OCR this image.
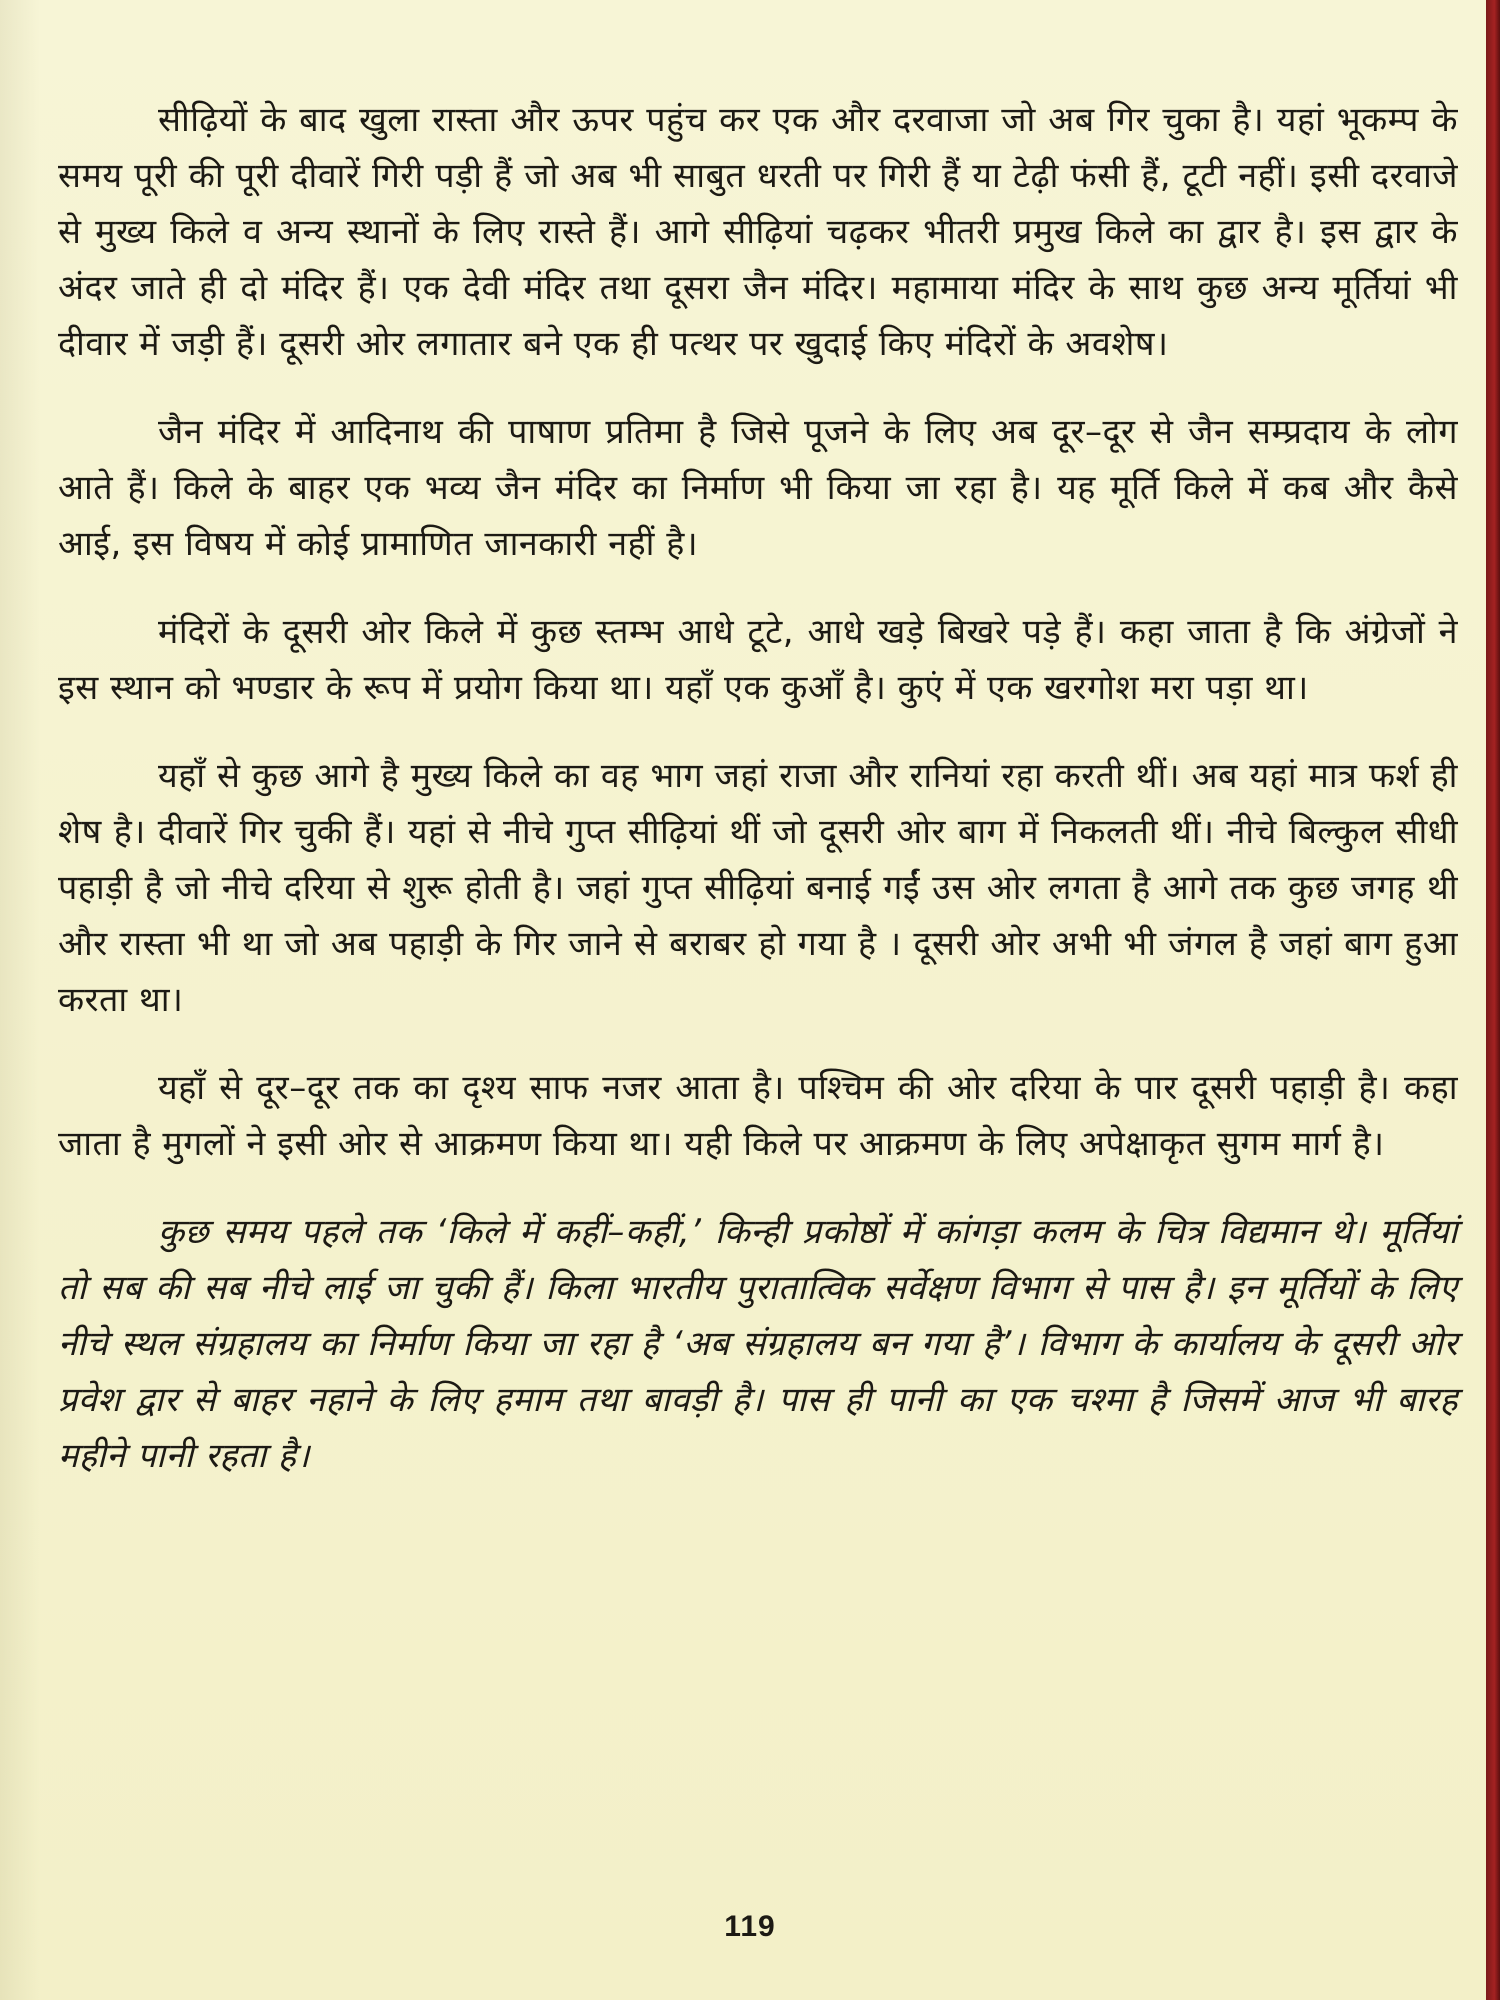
सीढ़ियों के बाद खुला रास्ता और ऊपर पहुंच कर एक और दरवाजा जो अब गिर चुका है। यहां भूकम्प के समय पूरी की पूरी दीवारें गिरी पड़ी हैं जो अब भी साबुत धरती पर गिरी हैं या टेढ़ी फंसी हैं, टूटी नहीं। इसी दरवाजे से मुख्य किले व अन्य स्थानों के लिए रास्ते हैं। आगे सीढ़ियां चढ़कर भीतरी प्रमुख किले का द्वार है। इस द्वार के अंदर जाते ही दो मंदिर हैं। एक देवी मंदिर तथा दूसरा जैन मंदिर। महामाया मंदिर के साथ कुछ अन्य मूर्तियां भी दीवार में जड़ी हैं। दूसरी ओर लगातार बने एक ही पत्थर पर खुदाई किए मंदिरों के अवशेष।

जैन मंदिर में आदिनाथ की पाषाण प्रतिमा है जिसे पूजने के लिए अब दूर–दूर से जैन सम्प्रदाय के लोग आते हैं। किले के बाहर एक भव्य जैन मंदिर का निर्माण भी किया जा रहा है। यह मूर्ति किले में कब और कैसे आई, इस विषय में कोई प्रामाणित जानकारी नहीं है।

मंदिरों के दूसरी ओर किले में कुछ स्तम्भ आधे टूटे, आधे खड़े बिखरे पड़े हैं। कहा जाता है कि अंग्रेजों ने इस स्थान को भण्डार के रूप में प्रयोग किया था। यहाँ एक कुआँ है। कुएं में एक खरगोश मरा पड़ा था।

यहाँ से कुछ आगे है मुख्य किले का वह भाग जहां राजा और रानियां रहा करती थीं। अब यहां मात्र फर्श ही शेष है। दीवारें गिर चुकी हैं। यहां से नीचे गुप्त सीढ़ियां थीं जो दूसरी ओर बाग में निकलती थीं। नीचे बिल्कुल सीधी पहाड़ी है जो नीचे दरिया से शुरू होती है। जहां गुप्त सीढ़ियां बनाई गईं उस ओर लगता है आगे तक कुछ जगह थी और रास्ता भी था जो अब पहाड़ी के गिर जाने से बराबर हो गया है । दूसरी ओर अभी भी जंगल है जहां बाग हुआ करता था।

यहाँ से दूर–दूर तक का दृश्य साफ नजर आता है। पश्चिम की ओर दरिया के पार दूसरी पहाड़ी है। कहा जाता है मुगलों ने इसी ओर से आक्रमण किया था। यही किले पर आक्रमण के लिए अपेक्षाकृत सुगम मार्ग है।

कुछ समय पहले तक ‘किले में कहीं–कहीं,’ किन्ही प्रकोष्ठों में कांगड़ा कलम के चित्र विद्यमान थे। मूर्तियां तो सब की सब नीचे लाई जा चुकी हैं। किला भारतीय पुरातात्विक सर्वेक्षण विभाग से पास है। इन मूर्तियों के लिए नीचे स्थल संग्रहालय का निर्माण किया जा रहा है ‘अब संग्रहालय बन गया है’। विभाग के कार्यालय के दूसरी ओर प्रवेश द्वार से बाहर नहाने के लिए हमाम तथा बावड़ी है। पास ही पानी का एक चश्मा है जिसमें आज भी बारह महीने पानी रहता है।

119
